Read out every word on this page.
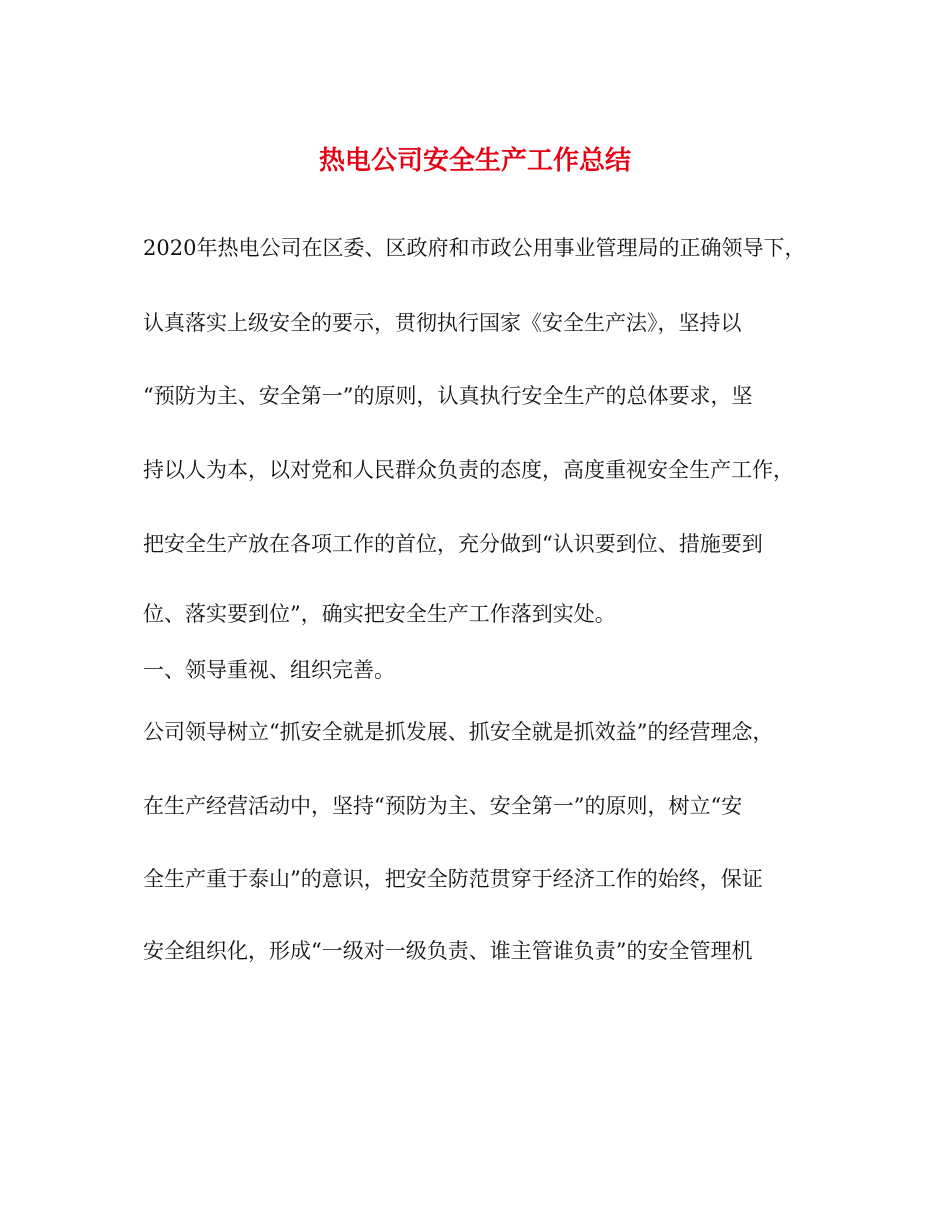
热电公司安全生产工作总结

2020年热电公司在区委、区政府和市政公用事业管理局的正确领导下，

认真落实上级安全的要示，贯彻执行国家《安全生产法》，坚持以

“预防为主、安全第一”的原则，认真执行安全生产的总体要求，坚

持以人为本，以对党和人民群众负责的态度，高度重视安全生产工作，

把安全生产放在各项工作的首位，充分做到“认识要到位、措施要到

位、落实要到位”，确实把安全生产工作落到实处。

一、领导重视、组织完善。

公司领导树立“抓安全就是抓发展、抓安全就是抓效益”的经营理念，

在生产经营活动中，坚持“预防为主、安全第一”的原则，树立“安

全生产重于泰山”的意识，把安全防范贯穿于经济工作的始终，保证

安全组织化，形成“一级对一级负责、谁主管谁负责”的安全管理机
